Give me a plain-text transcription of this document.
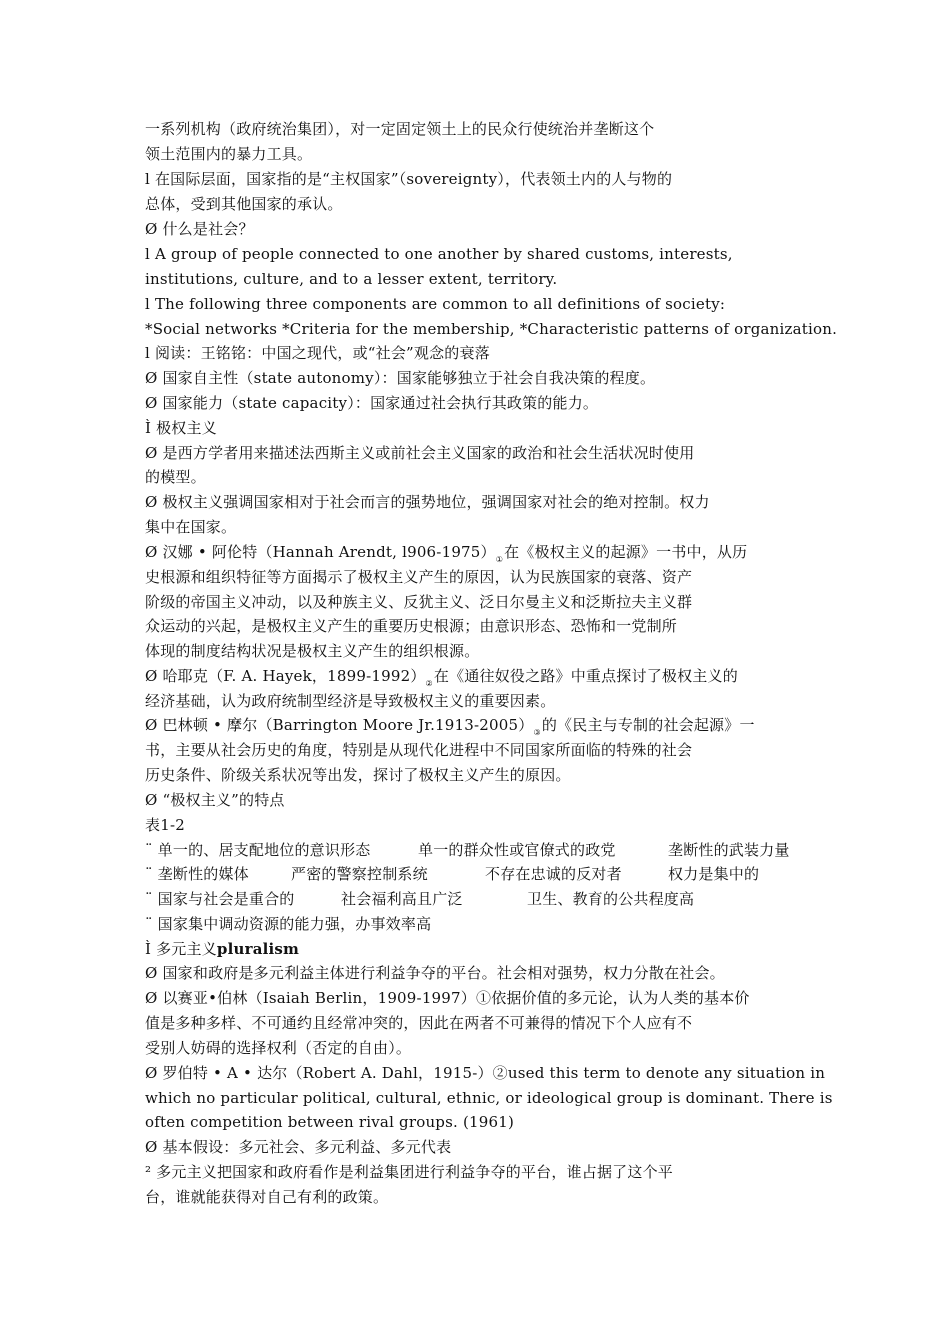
一系列机构（政府统治集团），对一定固定领土上的民众行使统治并垄断这个
领土范围内的暴力工具。
l 在国际层面，国家指的是“主权国家”（sovereignty），代表领土内的人与物的
总体，受到其他国家的承认。
Ø 什么是社会？
l A group of people connected to one another by shared customs, interests,
institutions, culture, and to a lesser extent, territory.
l The following three components are common to all definitions of society:
*Social networks *Criteria for the membership, *Characteristic patterns of organization.
l 阅读：王铭铭：中国之现代，或“社会”观念的衰落
Ø 国家自主性（state autonomy）：国家能够独立于社会自我决策的程度。
Ø 国家能力（state capacity）：国家通过社会执行其政策的能力。
Ì 极权主义
Ø 是西方学者用来描述法西斯主义或前社会主义国家的政治和社会生活状况时使用
的模型。
Ø 极权主义强调国家相对于社会而言的强势地位，强调国家对社会的绝对控制。权力
集中在国家。
Ø 汉娜 • 阿伦特（Hannah Arendt, $l906-1975)_①$在《极权主义的起源》一书中，从历
史根源和组织特征等方面揭示了极权主义产生的原因，认为民族国家的衰落、资产
阶级的帝国主义冲动，以及种族主义、反犹主义、泛日尔曼主义和泛斯拉夫主义群
众运动的兴起，是极权主义产生的重要历史根源；由意识形态、恐怖和一党制所
体现的制度结构状况是极权主义产生的组织根源。
Ø 哈耶克（F. A. Hayek，$1899-1992)_②$在《通往奴役之路》中重点探讨了极权主义的
经济基础，认为政府统制型经济是导致极权主义的重要因素。
Ø 巴林顿 • 摩尔（Barrington Moore $Jr.1913-2005)_③$的《民主与专制的社会起源》一
书，主要从社会历史的角度，特别是从现代化进程中不同国家所面临的特殊的社会
历史条件、阶级关系状况等出发，探讨了极权主义产生的原因。
Ø “极权主义”的特点
表1-2
¨ 单一的、居支配地位的意识形态	单一的群众性或官僚式的政党	垄断性的武装力量
¨ 垄断性的媒体	严密的警察控制系统	不存在忠诚的反对者	权力是集中的
¨ 国家与社会是重合的	社会福利高且广泛	卫生、教育的公共程度高
¨ 国家集中调动资源的能力强，办事效率高
Ì 多元主义pluralism
Ø 国家和政府是多元利益主体进行利益争夺的平台。社会相对强势，权力分散在社会。
Ø 以赛亚•伯林（Isaiah Berlin，1909-1997）①依据价值的多元论，认为人类的基本价
值是多种多样、不可通约且经常冲突的，因此在两者不可兼得的情况下个人应有不
受别人妨碍的选择权利（否定的自由）。
Ø 罗伯特 • A • 达尔（Robert A. Dahl，1915-）②used this term to denote any situation in
which no particular political, cultural, ethnic, or ideological group is dominant. There is
often competition between rival groups. (1961)
Ø 基本假设：多元社会、多元利益、多元代表
² 多元主义把国家和政府看作是利益集团进行利益争夺的平台，谁占据了这个平
台，谁就能获得对自己有利的政策。
